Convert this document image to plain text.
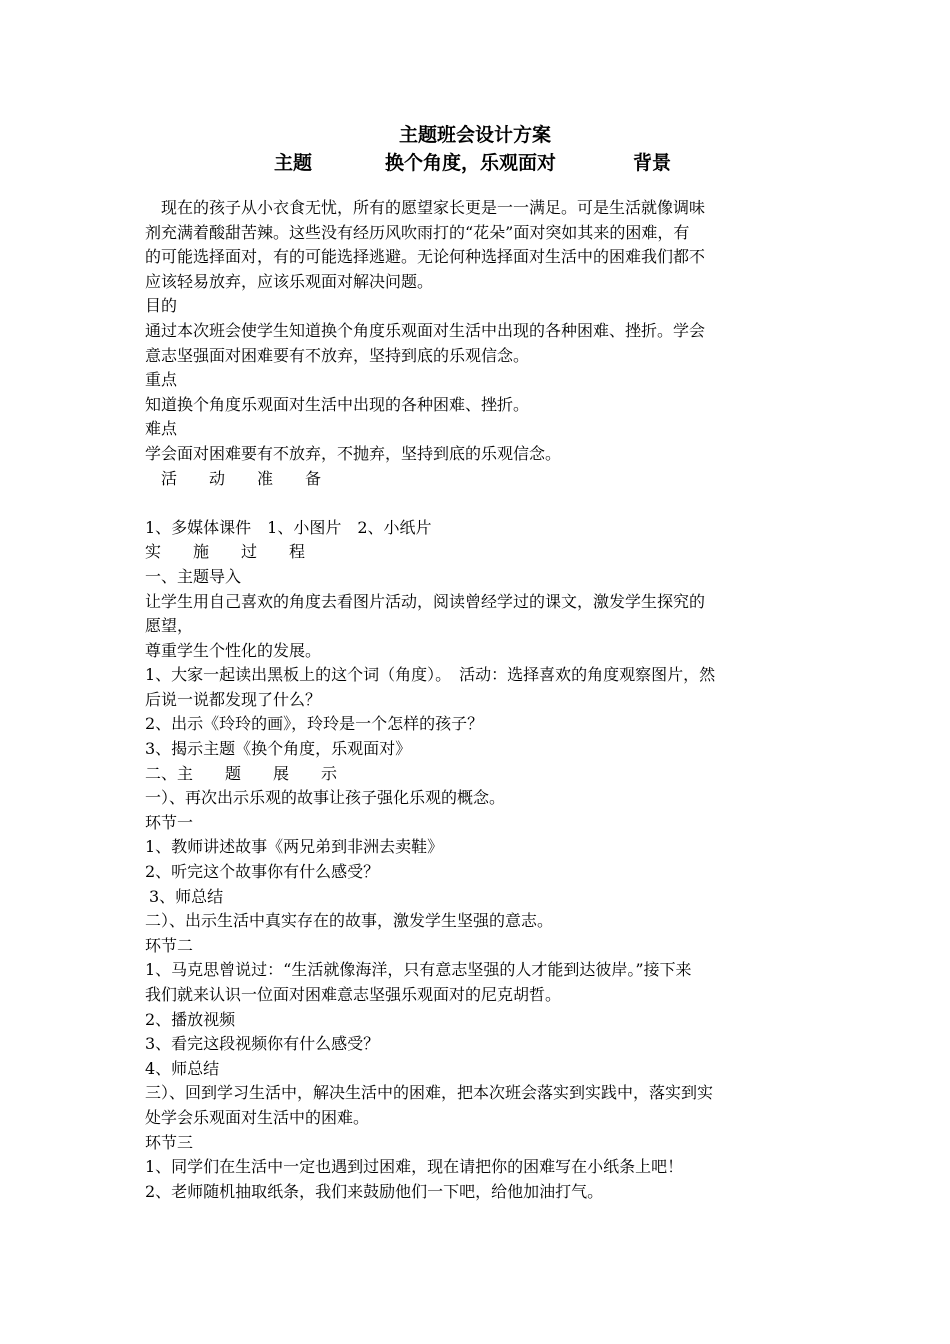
主题班会设计方案
主题	换个角度，乐观面对	背景
现在的孩子从小衣食无忧，所有的愿望家长更是一一满足。可是生活就像调味
剂充满着酸甜苦辣。这些没有经历风吹雨打的“花朵”面对突如其来的困难，有
的可能选择面对，有的可能选择逃避。无论何种选择面对生活中的困难我们都不
应该轻易放弃，应该乐观面对解决问题。
目的
通过本次班会使学生知道换个角度乐观面对生活中出现的各种困难、挫折。学会
意志坚强面对困难要有不放弃，坚持到底的乐观信念。
重点
知道换个角度乐观面对生活中出现的各种困难、挫折。
难点
学会面对困难要有不放弃，不抛弃，坚持到底的乐观信念。
活　　动　　准　　备
1、多媒体课件　1、小图片　2、小纸片
实　　施　　过　　程
一、主题导入
让学生用自己喜欢的角度去看图片活动，阅读曾经学过的课文，激发学生探究的
愿望，
尊重学生个性化的发展。
1、大家一起读出黑板上的这个词（角度）。　活动：选择喜欢的角度观察图片，然
后说一说都发现了什么？
2、出示《玲玲的画》，玲玲是一个怎样的孩子？
3、揭示主题《换个角度，乐观面对》
二、主　　题　　展　　示
一）、再次出示乐观的故事让孩子强化乐观的概念。
环节一
1、教师讲述故事《两兄弟到非洲去卖鞋》
2、听完这个故事你有什么感受？
3、师总结
二）、出示生活中真实存在的故事，激发学生坚强的意志。
环节二
1、马克思曾说过：“生活就像海洋，只有意志坚强的人才能到达彼岸。”接下来
我们就来认识一位面对困难意志坚强乐观面对的尼克胡哲。
2、播放视频
3、看完这段视频你有什么感受？
4、师总结
三）、回到学习生活中，解决生活中的困难，把本次班会落实到实践中，落实到实
处学会乐观面对生活中的困难。
环节三
1、同学们在生活中一定也遇到过困难，现在请把你的困难写在小纸条上吧！
2、老师随机抽取纸条，我们来鼓励他们一下吧，给他加油打气。
